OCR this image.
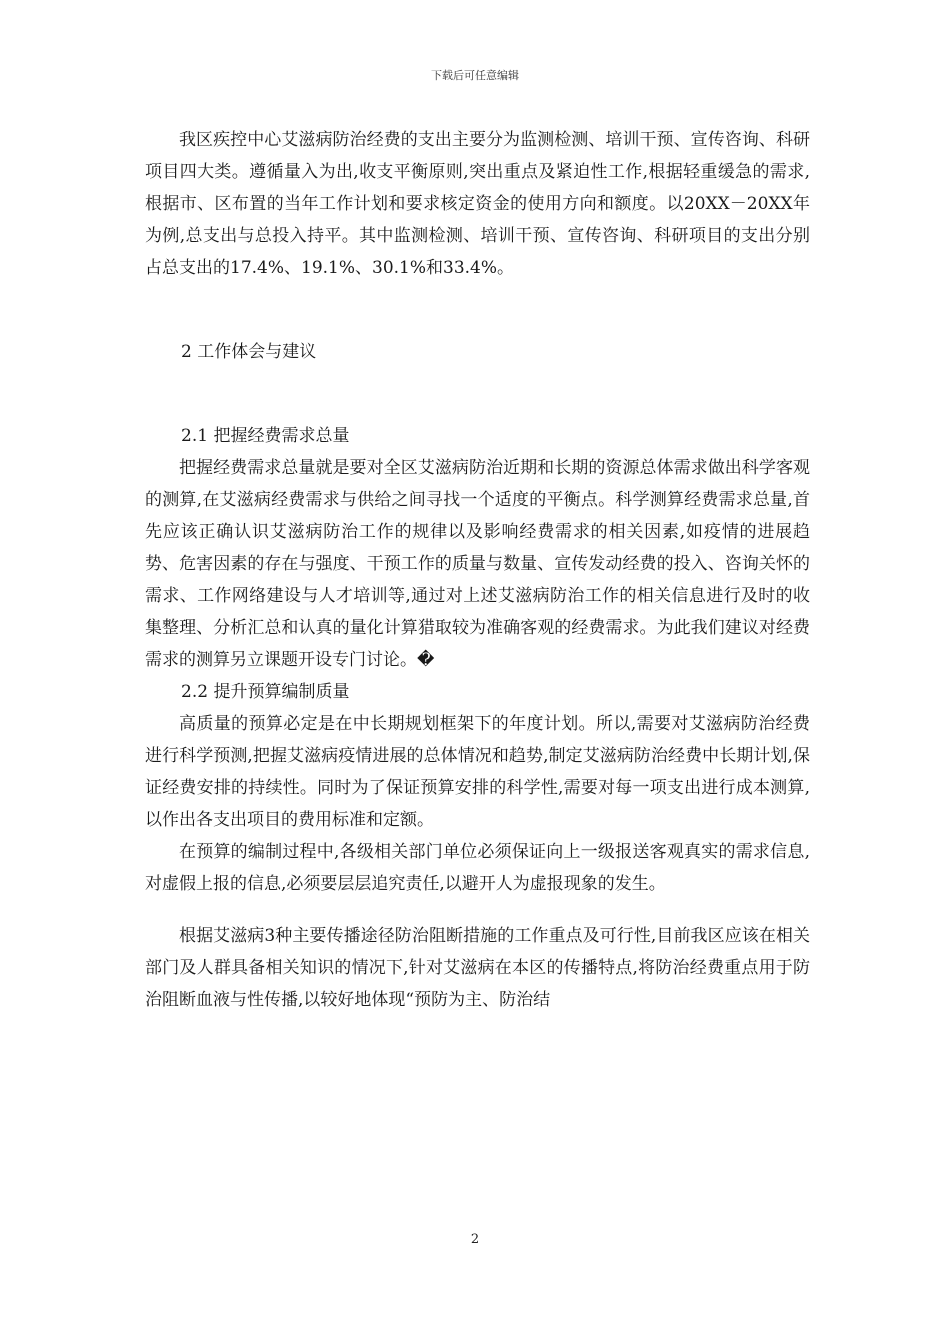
下载后可任意编辑

我区疾控中心艾滋病防治经费的支出主要分为监测检测、培训干预、宣传咨询、科研项目四大类。遵循量入为出,收支平衡原则,突出重点及紧迫性工作,根据轻重缓急的需求,根据市、区布置的当年工作计划和要求核定资金的使用方向和额度。以20XX－20XX年为例,总支出与总投入持平。其中监测检测、培训干预、宣传咨询、科研项目的支出分别占总支出的17.4%、19.1%、30.1%和33.4%。

2 工作体会与建议

2.1 把握经费需求总量

把握经费需求总量就是要对全区艾滋病防治近期和长期的资源总体需求做出科学客观的测算,在艾滋病经费需求与供给之间寻找一个适度的平衡点。科学测算经费需求总量,首先应该正确认识艾滋病防治工作的规律以及影响经费需求的相关因素,如疫情的进展趋势、危害因素的存在与强度、干预工作的质量与数量、宣传发动经费的投入、咨询关怀的需求、工作网络建设与人才培训等,通过对上述艾滋病防治工作的相关信息进行及时的收集整理、分析汇总和认真的量化计算猎取较为准确客观的经费需求。为此我们建议对经费需求的测算另立课题开设专门讨论。�

2.2 提升预算编制质量

高质量的预算必定是在中长期规划框架下的年度计划。所以,需要对艾滋病防治经费进行科学预测,把握艾滋病疫情进展的总体情况和趋势,制定艾滋病防治经费中长期计划,保证经费安排的持续性。同时为了保证预算安排的科学性,需要对每一项支出进行成本测算,以作出各支出项目的费用标准和定额。

在预算的编制过程中,各级相关部门单位必须保证向上一级报送客观真实的需求信息,对虚假上报的信息,必须要层层追究责任,以避开人为虚报现象的发生。

根据艾滋病3种主要传播途径防治阻断措施的工作重点及可行性,目前我区应该在相关部门及人群具备相关知识的情况下,针对艾滋病在本区的传播特点,将防治经费重点用于防治阻断血液与性传播,以较好地体现“预防为主、防治结

2
